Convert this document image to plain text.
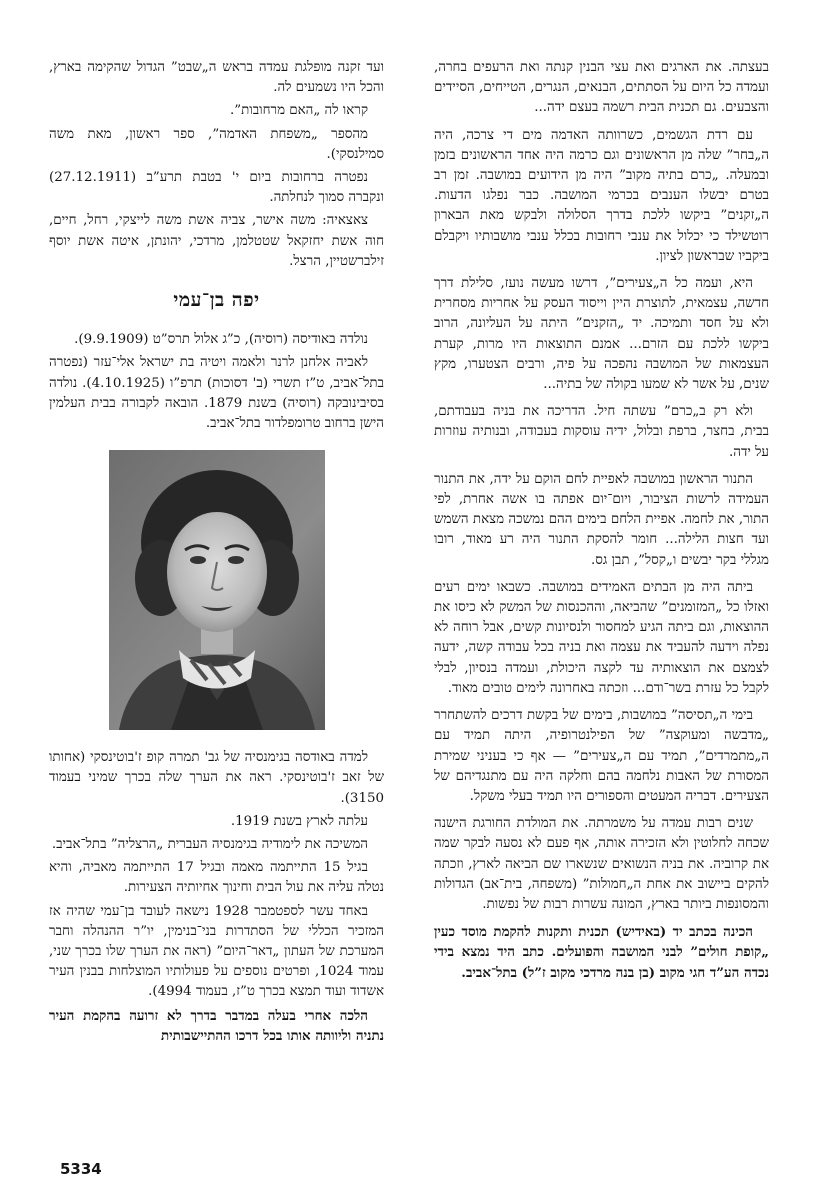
בעצתה. את הארגים ואת עצי הבנין קנתה ואת הרעפים בחרה, ועמדה כל היום על הסתתים, הבנאים, הנגרים, הטייחים, הסיידים והצבעים. גם תכנית הבית רשמה בעצם ידה...

עם רדת הגשמים, כשרוותה האדמה מים די צרכה, היה ה„בחר” שלה מן הראשונים וגם כרמה היה אחד הראשונים בזמן ובמעלה. „כרם בתיה מקוב” היה מן הידועים במושבה. זמן רב בטרם יבשלו הענבים בכרמי המושבה. כבר נפלגו הדעות. ה„זקנים” ביקשו ללכת בדרך הסלולה ולבקש מאת הבארון רוטשילד כי יכלול את ענבי רחובות בכלל ענבי מושבותיו ויקבלם ביקביו שבראשון לציון.

היא, ועמה כל ה„צעירים”, דרשו מעשה נועז, סלילת דרך חדשה, עצמאית, לתוצרת היין וייסוד העסק על אחריות מסחרית ולא על חסד ותמיכה. יד „הזקנים” היתה על העליונה, הרוב ביקשו ללכת עם הזרם... אמנם התוצאות היו מרות, קערת העצמאות של המושבה נהפכה על פיה, ורבים הצטערו, מקץ שנים, על אשר לא שמעו בקולה של בתיה...

ולא רק ב„כרם” עשתה חיל. הדריכה את בניה בעבודתם, בבית, בחצר, ברפת ובלול, ידיה עוסקות בעבודה, ובנותיה עוזרות על ידה.

התנור הראשון במושבה לאפיית לחם הוקם על ידה, את התנור העמידה לרשות הציבור, ויום־יום אפתה בו אשה אחרת, לפי התור, את לחמה. אפיית הלחם בימים ההם נמשכה מצאת השמש ועד חצות הלילה... חומר להסקת התנור היה רע מאוד, רובו מגללי בקר יבשים ו„קסל”, תבן גס.

ביתה היה מן הבתים האמידים במושבה. כשבאו ימים רעים ואזלו כל „המזומנים” שהביאה, וההכנסות של המשק לא כיסו את ההוצאות, וגם ביתה הגיע למחסור ולנסיונות קשים, אבל רוחה לא נפלה וידעה להעביד את עצמה ואת בניה בכל עבודה קשה, ידעה לצמצם את הוצאותיה עד לקצה היכולת, ועמדה בנסיון, לבלי לקבל כל עזרת בשר־ודם... וזכתה באחרונה לימים טובים מאוד.

בימי ה„תסיסה” במושבות, בימים של בקשת דרכים להשתחרר „מדבשה ומעוקצה” של הפילנטרופיה, היתה תמיד עם ה„מתמרדים”, תמיד עם ה„צעירים” — אף כי בעניני שמירת המסורת של האבות נלחמה בהם וחלקה היה עם מתנגדיהם של הצעירים. דבריה המעטים והספורים היו תמיד בעלי משקל.

שנים רבות עמדה על משמרתה. את המולדת החורגת הישנה שכחה לחלוטין ולא הזכירה אותה, אף פעם לא נסעה לבקר שמה את קרוביה. את בניה הנשואים שנשארו שם הביאה לארץ, וזכתה להקים ביישוב את אחת ה„חמולות” (משפחה, בית־אב) הגדולות והמסונפות ביותר בארץ, המונה עשרות רבות של נפשות.

הכינה בכתב יד (באידיש) תכנית ותקנות להקמת מוסד כעין „קופת חולים” לבני המושבה והפועלים. כתב היד נמצא בידי נכדה הע”ד חגי מקוב (בן בנה מרדכי מקוב ז”ל) בתל־אביב.

ועד זקנה מופלגת עמדה בראש ה„שבט” הגדול שהקימה בארץ, והכל היו נשמעים לה.

קראו לה „האם מרחובות”.

מהספר „משפחת האדמה”, ספר ראשון, מאת משה סמילנסקי).

נפטרה ברחובות ביום י' בטבת תרע”ב (27.12.1911) ונקברה סמוך לנחלתה.

צאצאיה: משה אישר, צביה אשת משה לייצקי, רחל, חיים, חוה אשת יחזקאל שטטלמן, מרדכי, יהונתן, איטה אשת יוסף זילברשטיין, הרצל.

יפה בן־עמי

נולדה באודיסה (רוסיה), כ”ג אלול תרס”ט (9.9.1909).

לאביה אלחנן לרנר ולאמה ויטיה בת ישראל אלי־עזר (נפטרה בתל־אביב, ט”ז תשרי (ב' דסוכות) תרפ”ו (4.10.1925). נולדה בסיבינובקה (רוסיה) בשנת 1879. הובאה לקבורה בבית העלמין הישן ברחוב טרומפלדור בתל־אביב.

למדה באודסה בגימנסיה של גב' תמרה קופ ז'בוטינסקי (אחותו של זאב ז'בוטינסקי. ראה את הערך שלה בכרך שמיני בעמוד 3150).

עלתה לארץ בשנת 1919.

המשיכה את לימודיה בגימנסיה העברית „הרצליה” בתל־אביב.

בגיל 15 התייתמה מאמה ובגיל 17 התייתמה מאביה, והיא נטלה עליה את עול הבית וחינוך אחיותיה הצעירות.

באחד עשר לספטמבר 1928 נישאה לעובד בן־עמי שהיה אז המזכיר הכללי של הסתדרות בני־בנימין, יו”ר ההנהלה וחבר המערכת של העתון „דאר־היום” (ראה את הערך שלו בכרך שני, עמוד 1024, ופרטים נוספים על פעולותיו המוצלחות בבנין העיר אשדוד ועוד תמצא בכרך ט”ז, בעמוד 4994).

הלכה אחרי בעלה במדבר בדרך לא זרועה בהקמת העיר נתניה וליוותה אותו בכל דרכו ההתיישבותית

5334
